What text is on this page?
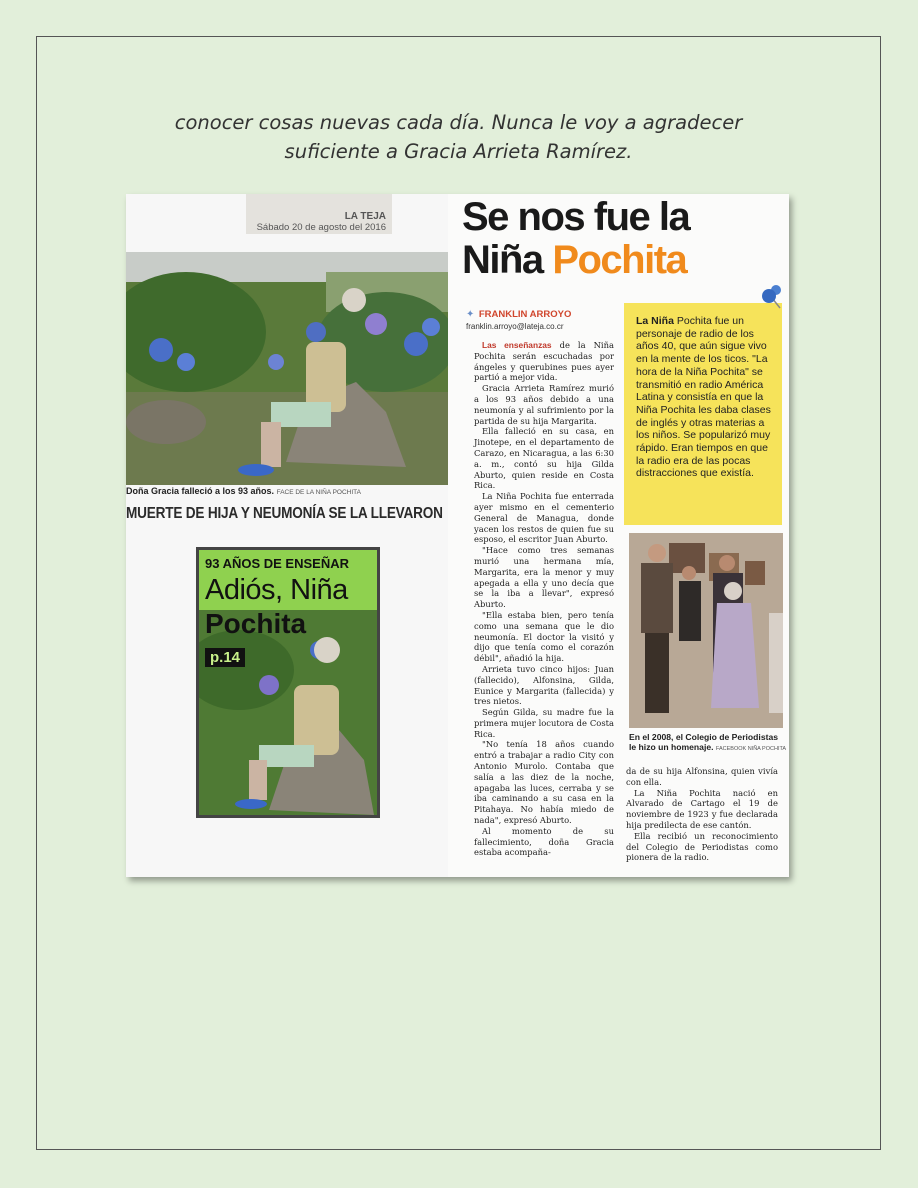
conocer cosas nuevas cada día. Nunca le voy a agradecer
suficiente a Gracia Arrieta Ramírez.
LA TEJA
Sábado 20 de agosto del 2016
Doña Gracia falleció a los 93 años. FACE DE LA NIÑA POCHITA
MUERTE DE HIJA Y NEUMONÍA SE LA LLEVARON
93 AÑOS DE ENSEÑAR
Adiós, Niña
Pochita
p.14
Se nos fue la
Niña Pochita
✦ FRANKLIN ARROYO
franklin.arroyo@lateja.co.cr

Las enseñanzas de la Niña Pochita serán escuchadas por ángeles y querubines pues ayer partió a mejor vida.

Gracia Arrieta Ramírez murió a los 93 años debido a una neumonía y al sufrimiento por la partida de su hija Margarita.

Ella falleció en su casa, en Jinotepe, en el departamento de Carazo, en Nicaragua, a las 6:30 a. m., contó su hija Gilda Aburto, quien reside en Costa Rica.

La Niña Pochita fue enterrada ayer mismo en el cementerio General de Managua, donde yacen los restos de quien fue su esposo, el escritor Juan Aburto.

"Hace como tres semanas murió una hermana mía, Margarita, era la menor y muy apegada a ella y uno decía que se la iba a llevar", expresó Aburto.

"Ella estaba bien, pero tenía como una semana que le dio neumonía. El doctor la visitó y dijo que tenía como el corazón débil", añadió la hija.

Arrieta tuvo cinco hijos: Juan (fallecido), Alfonsina, Gilda, Eunice y Margarita (fallecida) y tres nietos.

Según Gilda, su madre fue la primera mujer locutora de Costa Rica.

"No tenía 18 años cuando entró a trabajar a radio City con Antonio Murolo. Contaba que salía a las diez de la noche, apagaba las luces, cerraba y se iba caminando a su casa en la Pitahaya. No había miedo de nada", expresó Aburto.

Al momento de su fallecimiento, doña Gracia estaba acompaña-

La Niña Pochita fue un personaje de radio de los años 40, que aún sigue vivo en la mente de los ticos. "La hora de la Niña Pochita" se transmitió en radio América Latina y consistía en que la Niña Pochita les daba clases de inglés y otras materias a los niños. Se popularizó muy rápido. Eran tiempos en que la radio era de las pocas distracciones que existía.
En el 2008, el Colegio de Periodistas le hizo un homenaje. FACEBOOK NIÑA POCHITA

da de su hija Alfonsina, quien vivía con ella.

La Niña Pochita nació en Alvarado de Cartago el 19 de noviembre de 1923 y fue declarada hija predilecta de ese cantón.

Ella recibió un reconocimiento del Colegio de Periodistas como pionera de la radio.
